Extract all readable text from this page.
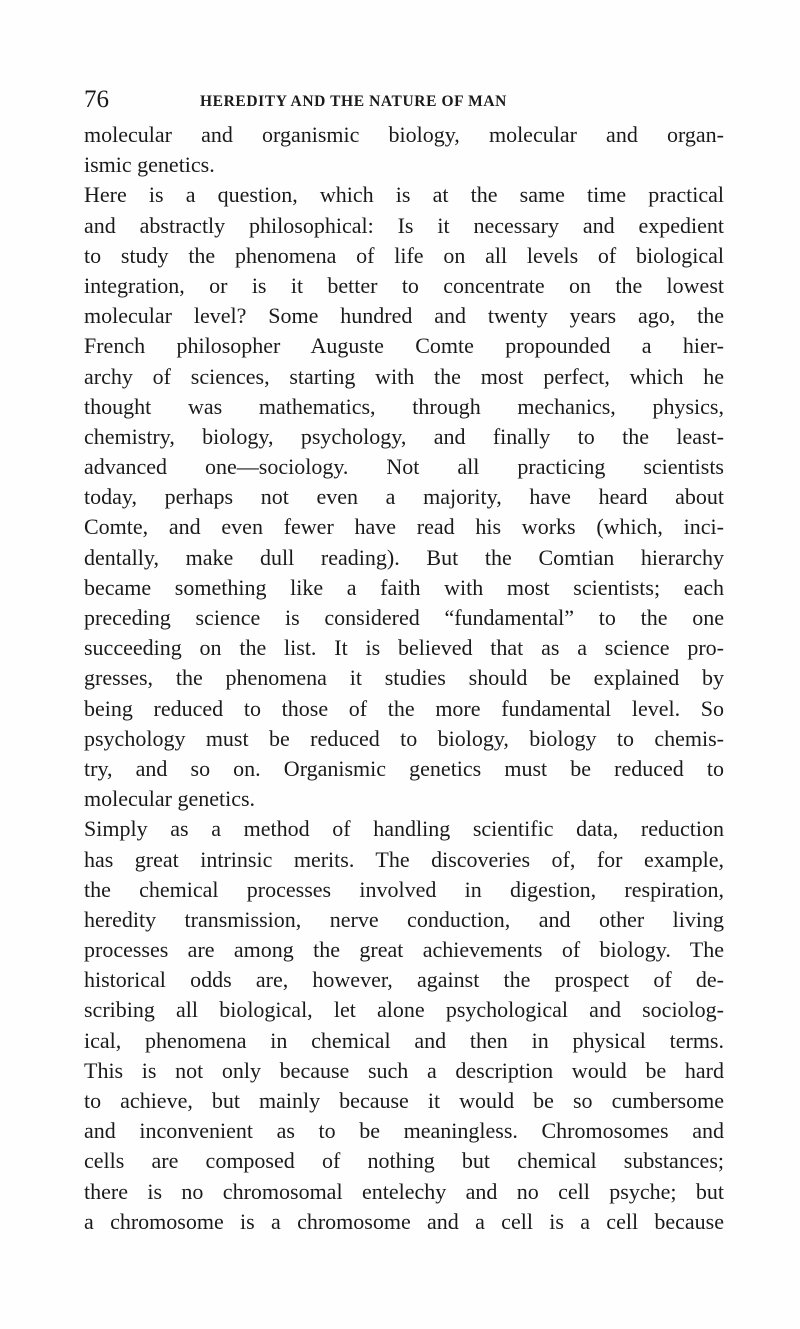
76	HEREDITY AND THE NATURE OF MAN
molecular and organismic biology, molecular and organ-
ismic genetics.
Here is a question, which is at the same time practical
and abstractly philosophical: Is it necessary and expedient
to study the phenomena of life on all levels of biological
integration, or is it better to concentrate on the lowest
molecular level? Some hundred and twenty years ago, the
French philosopher Auguste Comte propounded a hier-
archy of sciences, starting with the most perfect, which he
thought was mathematics, through mechanics, physics,
chemistry, biology, psychology, and finally to the least-
advanced one—sociology. Not all practicing scientists
today, perhaps not even a majority, have heard about
Comte, and even fewer have read his works (which, inci-
dentally, make dull reading). But the Comtian hierarchy
became something like a faith with most scientists; each
preceding science is considered “fundamental” to the one
succeeding on the list. It is believed that as a science pro-
gresses, the phenomena it studies should be explained by
being reduced to those of the more fundamental level. So
psychology must be reduced to biology, biology to chemis-
try, and so on. Organismic genetics must be reduced to
molecular genetics.
Simply as a method of handling scientific data, reduction
has great intrinsic merits. The discoveries of, for example,
the chemical processes involved in digestion, respiration,
heredity transmission, nerve conduction, and other living
processes are among the great achievements of biology. The
historical odds are, however, against the prospect of de-
scribing all biological, let alone psychological and sociolog-
ical, phenomena in chemical and then in physical terms.
This is not only because such a description would be hard
to achieve, but mainly because it would be so cumbersome
and inconvenient as to be meaningless. Chromosomes and
cells are composed of nothing but chemical substances;
there is no chromosomal entelechy and no cell psyche; but
a chromosome is a chromosome and a cell is a cell because
